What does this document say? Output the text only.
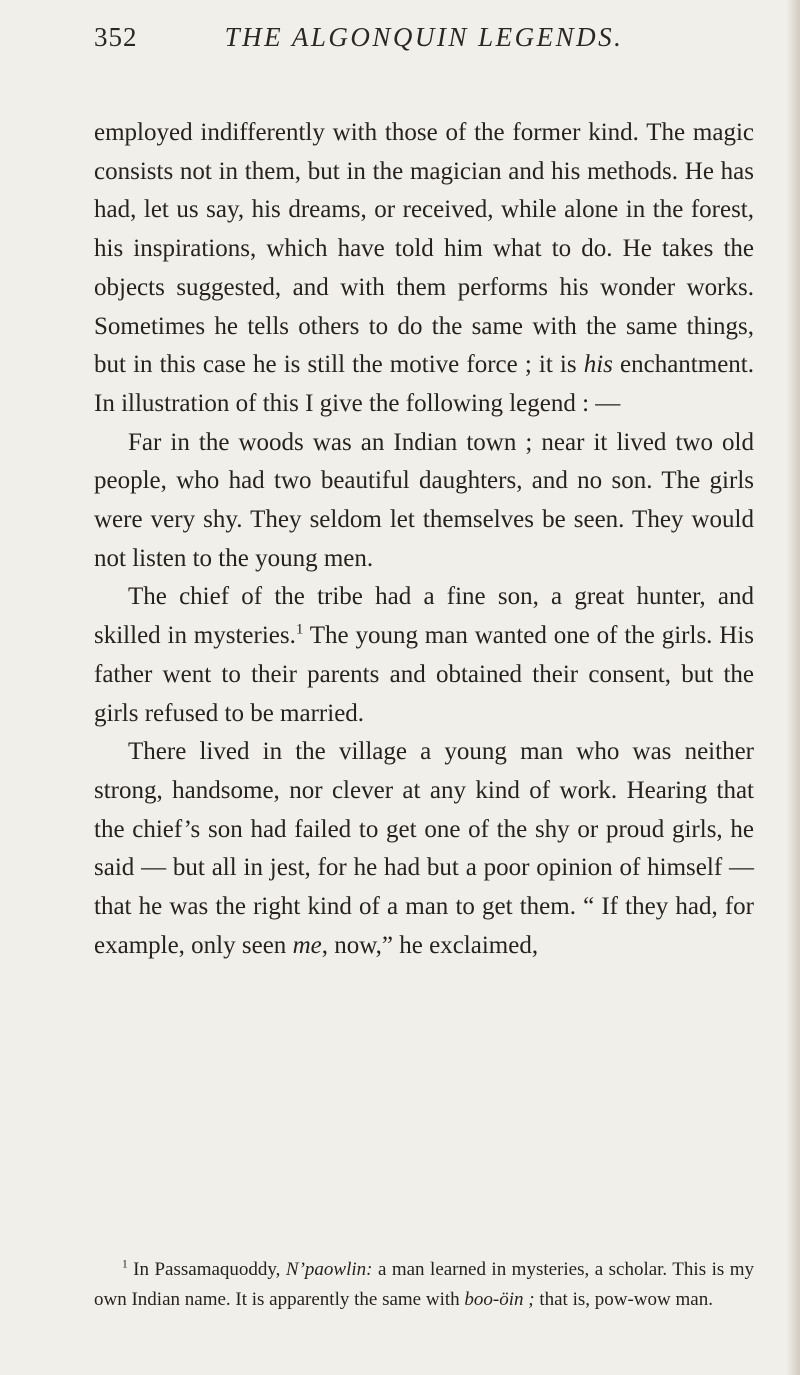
352	THE ALGONQUIN LEGENDS.

employed indifferently with those of the former kind. The magic consists not in them, but in the magician and his methods. He has had, let us say, his dreams, or received, while alone in the forest, his inspirations, which have told him what to do. He takes the objects suggested, and with them performs his wonder works. Sometimes he tells others to do the same with the same things, but in this case he is still the motive force ; it is his enchantment. In illustration of this I give the following legend : —

Far in the woods was an Indian town ; near it lived two old people, who had two beautiful daughters, and no son. The girls were very shy. They seldom let themselves be seen. They would not listen to the young men.

The chief of the tribe had a fine son, a great hunter, and skilled in mysteries.$^1$ The young man wanted one of the girls. His father went to their parents and obtained their consent, but the girls refused to be married.

There lived in the village a young man who was neither strong, handsome, nor clever at any kind of work. Hearing that the chief’s son had failed to get one of the shy or proud girls, he said — but all in jest, for he had but a poor opinion of himself — that he was the right kind of a man to get them. “ If they had, for example, only seen me, now,” he exclaimed,

$^1$ In Passamaquoddy, N’paowlin: a man learned in mysteries, a scholar. This is my own Indian name. It is apparently the same with boo-öin ; that is, pow-wow man.
